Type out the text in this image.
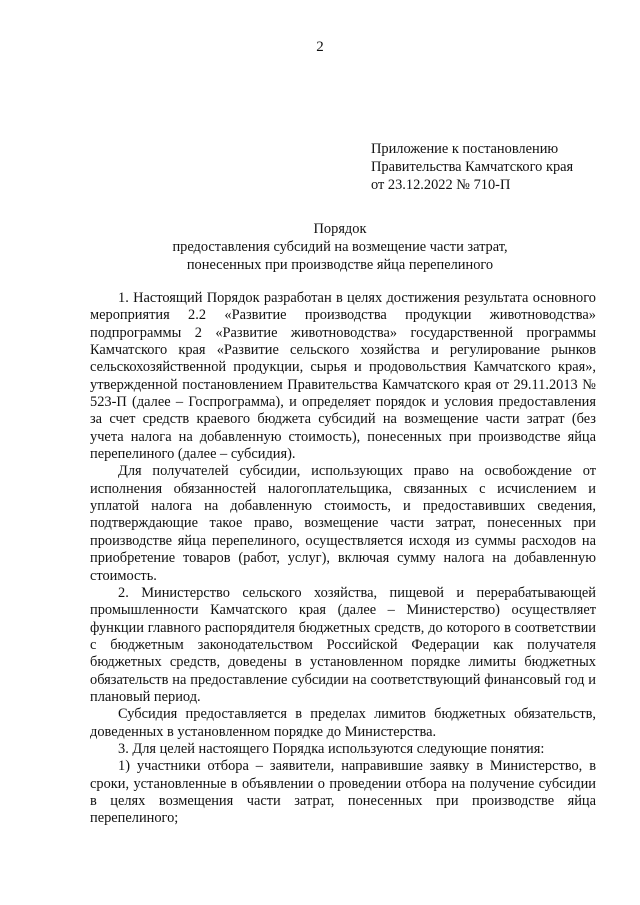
2
Приложение к постановлению
Правительства Камчатского края
от 23.12.2022 № 710-П
Порядок
предоставления субсидий на возмещение части затрат,
понесенных при производстве яйца перепелиного

1. Настоящий Порядок разработан в целях достижения результата основного мероприятия 2.2 «Развитие производства продукции животноводства» подпрограммы 2 «Развитие животноводства» государственной программы Камчатского края «Развитие сельского хозяйства и регулирование рынков сельскохозяйственной продукции, сырья и продовольствия Камчатского края», утвержденной постановлением Правительства Камчатского края от 29.11.2013 № 523-П (далее – Госпрограмма), и определяет порядок и условия предоставления за счет средств краевого бюджета субсидий на возмещение части затрат (без учета налога на добавленную стоимость), понесенных при производстве яйца перепелиного (далее – субсидия).

Для получателей субсидии, использующих право на освобождение от исполнения обязанностей налогоплательщика, связанных с исчислением и уплатой налога на добавленную стоимость, и предоставивших сведения, подтверждающие такое право, возмещение части затрат, понесенных при производстве яйца перепелиного, осуществляется исходя из суммы расходов на приобретение товаров (работ, услуг), включая сумму налога на добавленную стоимость.

2. Министерство сельского хозяйства, пищевой и перерабатывающей промышленности Камчатского края (далее – Министерство) осуществляет функции главного распорядителя бюджетных средств, до которого в соответствии с бюджетным законодательством Российской Федерации как получателя бюджетных средств, доведены в установленном порядке лимиты бюджетных обязательств на предоставление субсидии на соответствующий финансовый год и плановый период.

Субсидия предоставляется в пределах лимитов бюджетных обязательств, доведенных в установленном порядке до Министерства.

3. Для целей настоящего Порядка используются следующие понятия:

1) участники отбора – заявители, направившие заявку в Министерство, в сроки, установленные в объявлении о проведении отбора на получение субсидии в целях возмещения части затрат, понесенных при производстве яйца перепелиного;
